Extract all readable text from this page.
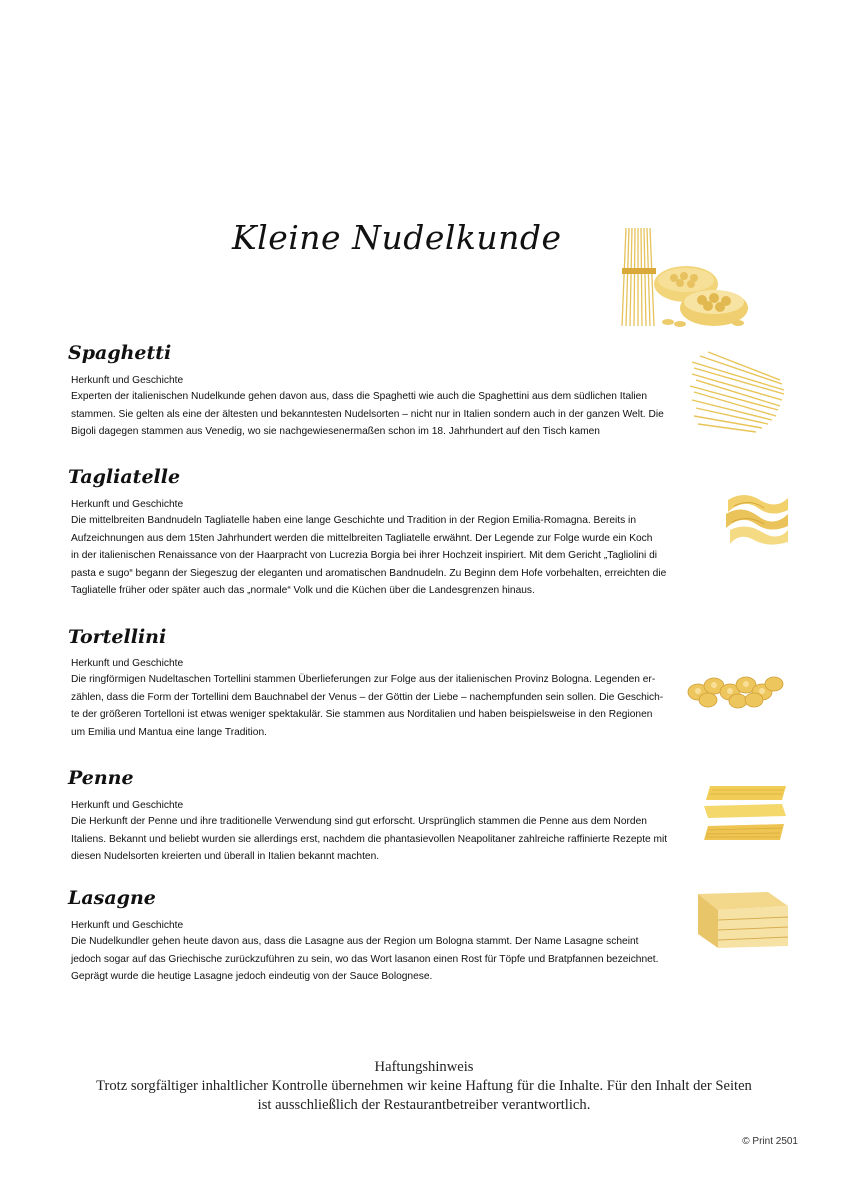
Kleine Nudelkunde
Spaghetti
Herkunft und Geschichte
Experten der italienischen Nudelkunde gehen davon aus, dass die Spaghetti wie auch die Spaghettini aus dem südlichen Italien
stammen. Sie gelten als eine der ältesten und bekanntesten Nudelsorten – nicht nur in Italien sondern auch in der ganzen Welt. Die
Bigoli dagegen stammen aus Venedig, wo sie nachgewiesenermaßen schon im 18. Jahrhundert auf den Tisch kamen
Tagliatelle
Herkunft und Geschichte
Die mittelbreiten Bandnudeln Tagliatelle haben eine lange Geschichte und Tradition in der Region Emilia-Romagna. Bereits in
Aufzeichnungen aus dem 15ten Jahrhundert werden die mittelbreiten Tagliatelle erwähnt. Der Legende zur Folge wurde ein Koch
in der italienischen Renaissance von der Haarpracht von Lucrezia Borgia bei ihrer Hochzeit inspiriert. Mit dem Gericht „Tagliolini di
pasta e sugo“ begann der Siegeszug der eleganten und aromatischen Bandnudeln. Zu Beginn dem Hofe vorbehalten, erreichten die
Tagliatelle früher oder später auch das „normale“ Volk und die Küchen über die Landesgrenzen hinaus.
Tortellini
Herkunft und Geschichte
Die ringförmigen Nudeltaschen Tortellini stammen Überlieferungen zur Folge aus der italienischen Provinz Bologna. Legenden er-
zählen, dass die Form der Tortellini dem Bauchnabel der Venus – der Göttin der Liebe – nachempfunden sein sollen. Die Geschich-
te der größeren Tortelloni ist etwas weniger spektakulär. Sie stammen aus Norditalien und haben beispielsweise in den Regionen
um Emilia und Mantua eine lange Tradition.
Penne
Herkunft und Geschichte
Die Herkunft der Penne und ihre traditionelle Verwendung sind gut erforscht. Ursprünglich stammen die Penne aus dem Norden
Italiens. Bekannt und beliebt wurden sie allerdings erst, nachdem die phantasievollen Neapolitaner zahlreiche raffinierte Rezepte mit
diesen Nudelsorten kreierten und überall in Italien bekannt machten.
Lasagne
Herkunft und Geschichte
Die Nudelkundler gehen heute davon aus, dass die Lasagne aus der Region um Bologna stammt. Der Name Lasagne scheint
jedoch sogar auf das Griechische zurückzuführen zu sein, wo das Wort lasanon einen Rost für Töpfe und Bratpfannen bezeichnet.
Geprägt wurde die heutige Lasagne jedoch eindeutig von der Sauce Bolognese.
Haftungshinweis
Trotz sorgfältiger inhaltlicher Kontrolle übernehmen wir keine Haftung für die Inhalte. Für den Inhalt der Seiten ist ausschließlich der Restaurantbetreiber verantwortlich.
© Print 2501
